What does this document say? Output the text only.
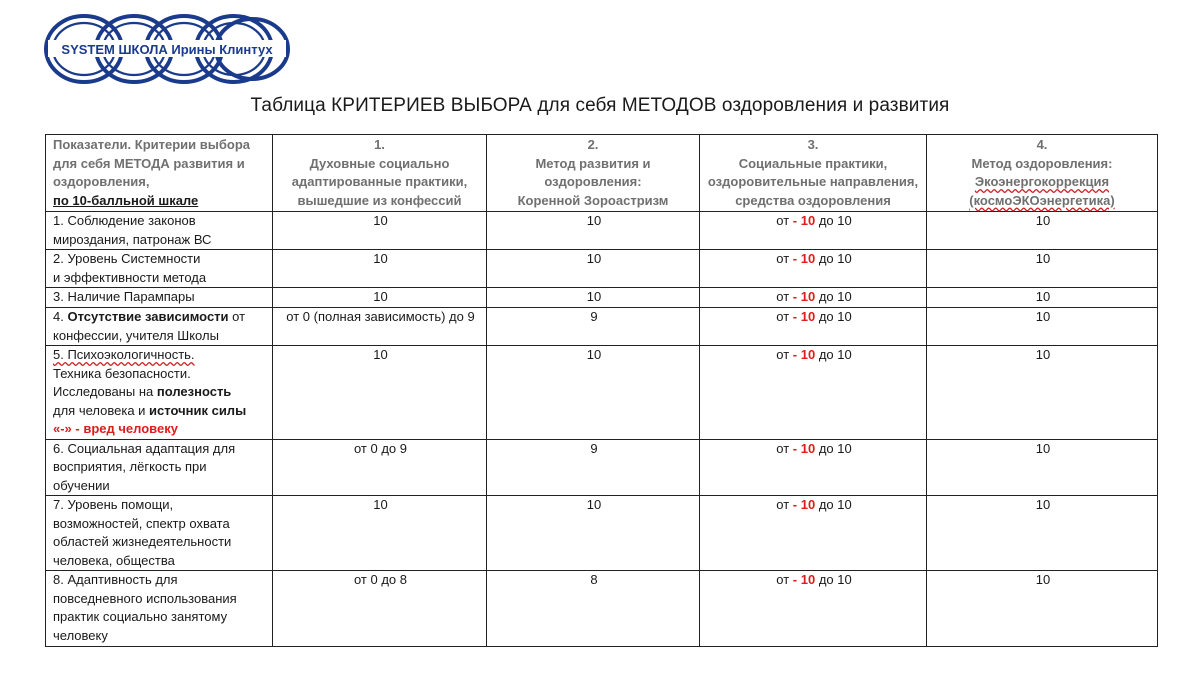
SYSTEM ШКОЛА Ирины Клинтух
Таблица КРИТЕРИЕВ ВЫБОРА для себя МЕТОДОВ оздоровления и развития
Показатели. Критерии выбора
для себя МЕТОДА развития и
оздоровления,
по 10-балльной шкале	1.
Духовные социально
адаптированные практики,
вышедшие из конфессий	2.
Метод развития и
оздоровления:
Коренной Зороастризм	3.
Социальные практики,
оздоровительные направления,
средства оздоровления	4.
Метод оздоровления:
Экоэнергокоррекция
(космоЭКОэнергетика)
1. Соблюдение законов
мироздания, патронаж ВС	10	10	от - 10 до 10	10
2. Уровень Системности
и эффективности метода	10	10	от - 10 до 10	10
3. Наличие Парампары	10	10	от - 10 до 10	10
4. Отсутствие зависимости от
конфессии, учителя Школы	от 0 (полная зависимость) до 9	9	от - 10 до 10	10
5. Психоэкологичность.
Техника безопасности.
Исследованы на полезность
для человека и источник силы
«-» - вред человеку	10	10	от - 10 до 10	10
6. Социальная адаптация для
восприятия, лёгкость при
обучении	от 0 до 9	9	от - 10 до 10	10
7. Уровень помощи,
возможностей, спектр охвата
областей жизнедеятельности
человека, общества	10	10	от - 10 до 10	10
8. Адаптивность для
повседневного использования
практик социально занятому
человеку	от 0 до 8	8	от - 10 до 10	10
